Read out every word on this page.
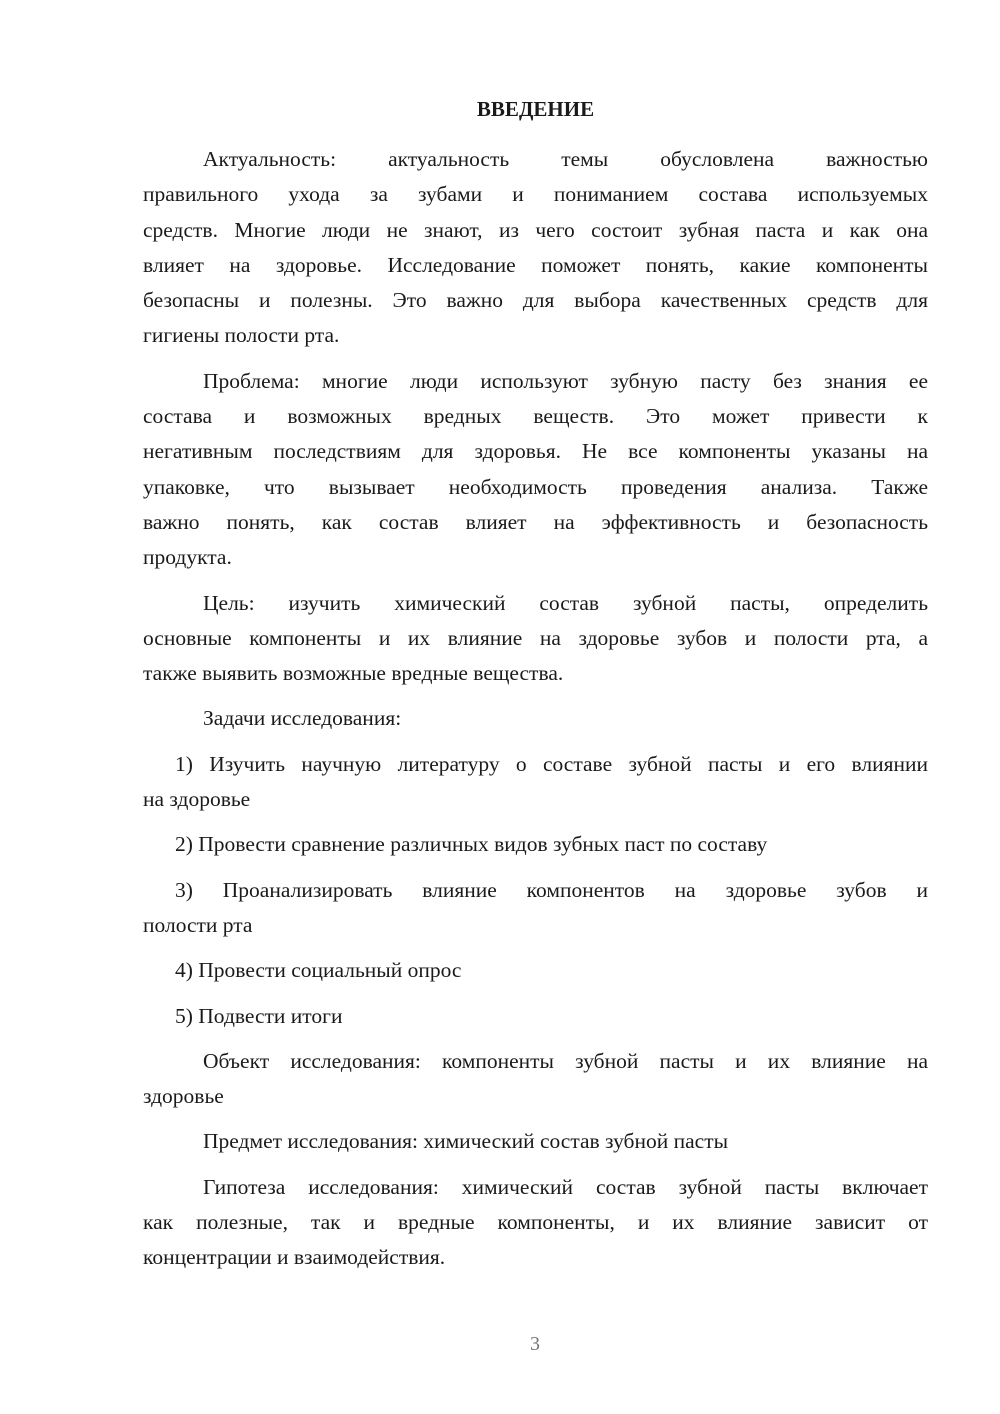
ВВЕДЕНИЕ
Актуальность: актуальность темы обусловлена важностью
правильного ухода за зубами и пониманием состава используемых
средств. Многие люди не знают, из чего состоит зубная паста и как она
влияет на здоровье. Исследование поможет понять, какие компоненты
безопасны и полезны. Это важно для выбора качественных средств для
гигиены полости рта.
Проблема: многие люди используют зубную пасту без знания ее
состава и возможных вредных веществ. Это может привести к
негативным последствиям для здоровья. Не все компоненты указаны на
упаковке, что вызывает необходимость проведения анализа. Также
важно понять, как состав влияет на эффективность и безопасность
продукта.
Цель: изучить химический состав зубной пасты, определить
основные компоненты и их влияние на здоровье зубов и полости рта, а
также выявить возможные вредные вещества.
Задачи исследования:
1) Изучить научную литературу о составе зубной пасты и его влиянии
на здоровье
2) Провести сравнение различных видов зубных паст по составу
3) Проанализировать влияние компонентов на здоровье зубов и
полости рта
4) Провести социальный опрос
5) Подвести итоги
Объект исследования: компоненты зубной пасты и их влияние на
здоровье
Предмет исследования: химический состав зубной пасты
Гипотеза исследования: химический состав зубной пасты включает
как полезные, так и вредные компоненты, и их влияние зависит от
концентрации и взаимодействия.
3
